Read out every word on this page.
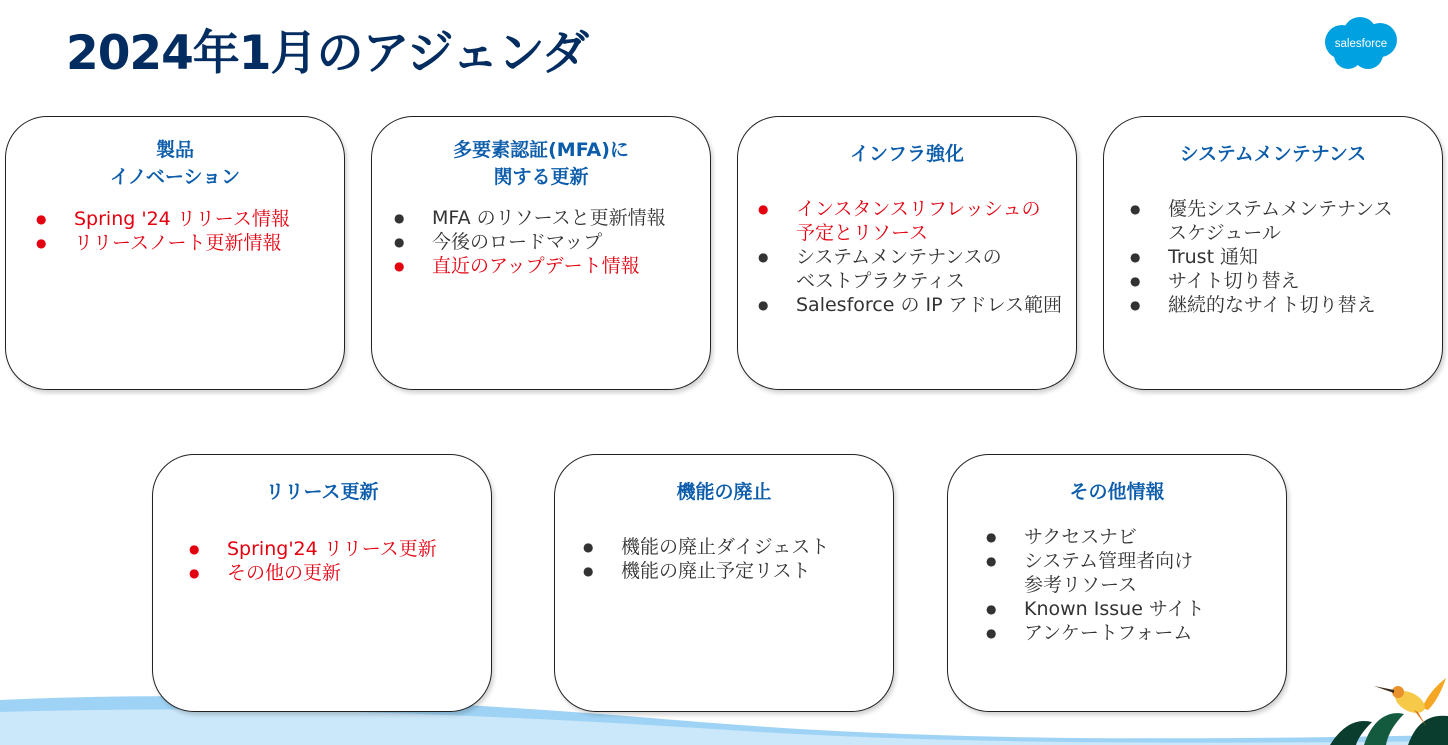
2024年1月のアジェンダ	salesforce
製品
イノベーション
● Spring '24 リリース情報
● リリースノート更新情報
多要素認証(MFA)に
関する更新
● MFA のリソースと更新情報
● 今後のロードマップ
● 直近のアップデート情報
インフラ強化
● インスタンスリフレッシュの
予定とリソース
● システムメンテナンスの
ベストプラクティス
● Salesforce の IP アドレス範囲
システムメンテナンス
● 優先システムメンテナンス
スケジュール
● Trust 通知
● サイト切り替え
● 継続的なサイト切り替え
リリース更新
● Spring'24 リリース更新
● その他の更新
機能の廃止
● 機能の廃止ダイジェスト
● 機能の廃止予定リスト
その他情報
● サクセスナビ
● システム管理者向け
参考リソース
● Known Issue サイト
● アンケートフォーム
